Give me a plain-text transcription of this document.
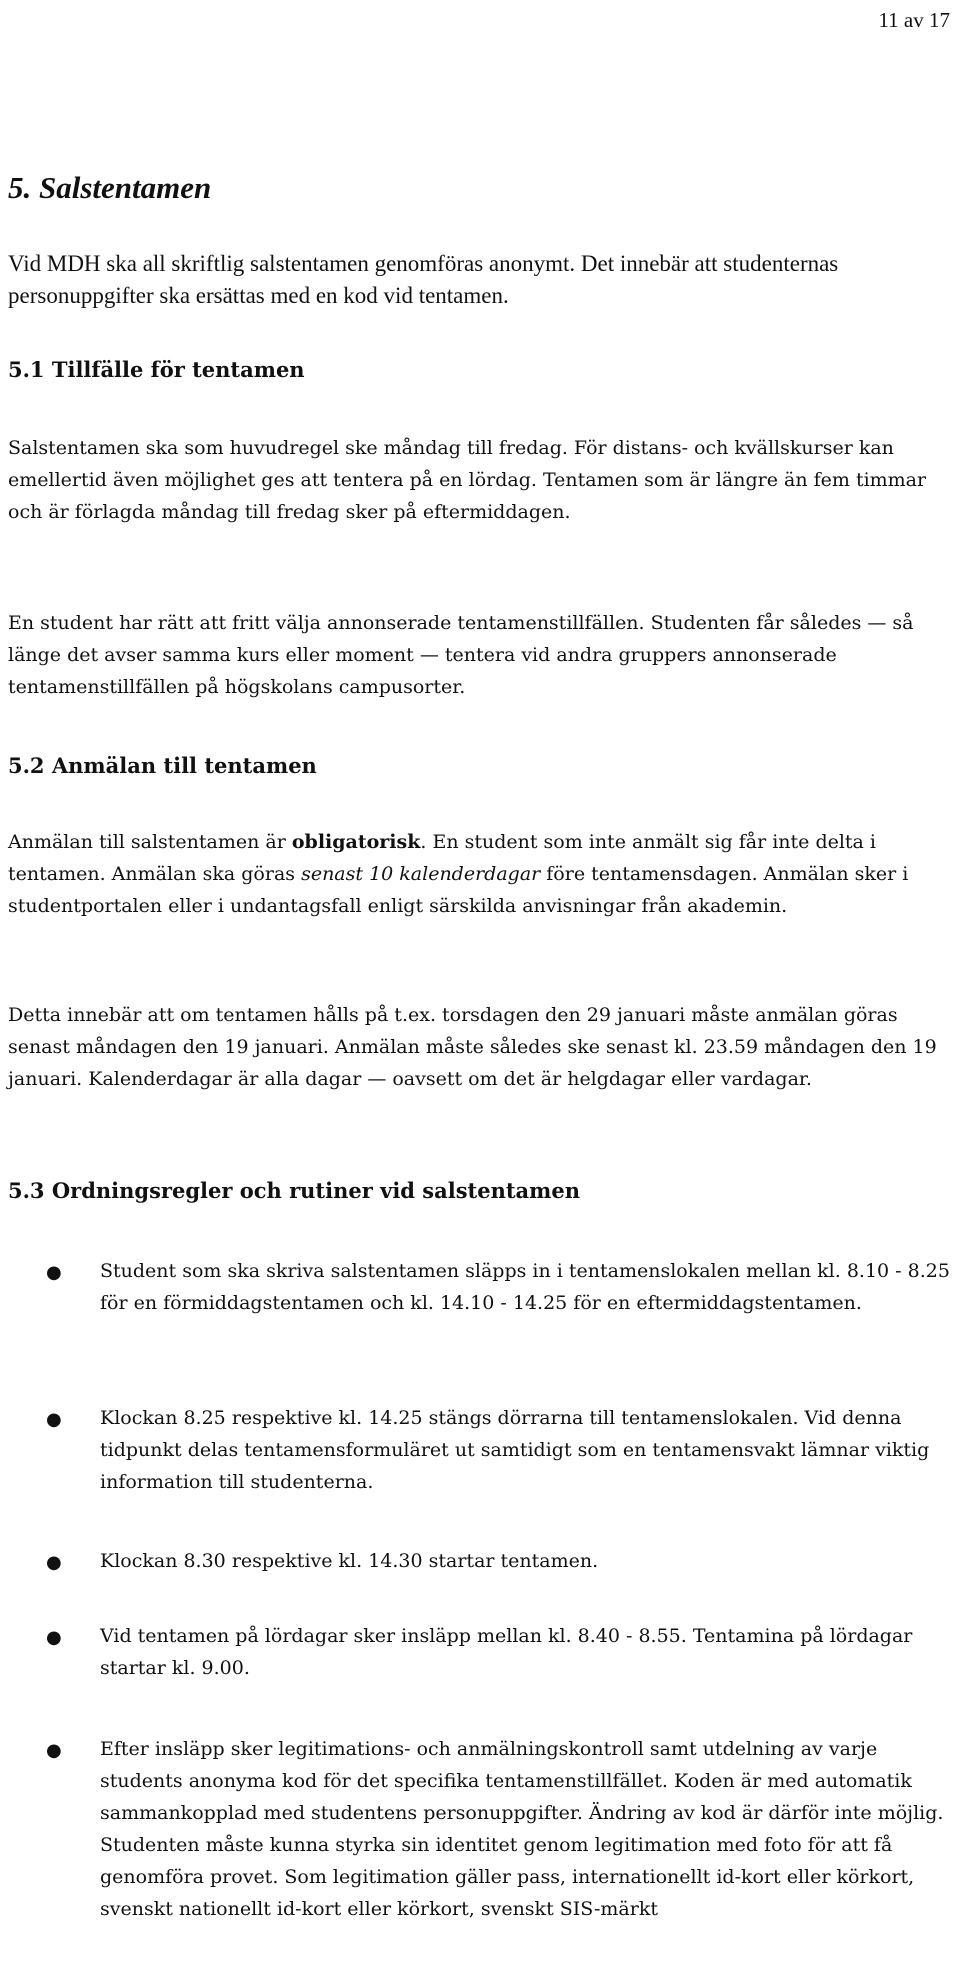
11 av 17
5. Salstentamen

Vid MDH ska all skriftlig salstentamen genomföras anonymt. Det innebär att studenternas personuppgifter ska ersättas med en kod vid tentamen.

5.1 Tillfälle för tentamen

Salstentamen ska som huvudregel ske måndag till fredag. För distans- och kvällskurser kan emellertid även möjlighet ges att tentera på en lördag. Tentamen som är längre än fem timmar och är förlagda måndag till fredag sker på eftermiddagen.

En student har rätt att fritt välja annonserade tentamenstillfällen. Studenten får således — så länge det avser samma kurs eller moment — tentera vid andra gruppers annonserade tentamenstillfällen på högskolans campusorter.

5.2 Anmälan till tentamen

Anmälan till salstentamen är obligatorisk. En student som inte anmält sig får inte delta i tentamen. Anmälan ska göras senast 10 kalenderdagar före tentamensdagen. Anmälan sker i studentportalen eller i undantagsfall enligt särskilda anvisningar från akademin.

Detta innebär att om tentamen hålls på t.ex. torsdagen den 29 januari måste anmälan göras senast måndagen den 19 januari. Anmälan måste således ske senast kl. 23.59 måndagen den 19 januari. Kalenderdagar är alla dagar — oavsett om det är helgdagar eller vardagar.

5.3 Ordningsregler och rutiner vid salstentamen
● Student som ska skriva salstentamen släpps in i tentamenslokalen mellan kl. 8.10 - 8.25 för en förmiddagstentamen och kl. 14.10 - 14.25 för en eftermiddagstentamen.
● Klockan 8.25 respektive kl. 14.25 stängs dörrarna till tentamenslokalen. Vid denna tidpunkt delas tentamensformuläret ut samtidigt som en tentamensvakt lämnar viktig information till studenterna.
● Klockan 8.30 respektive kl. 14.30 startar tentamen.
● Vid tentamen på lördagar sker insläpp mellan kl. 8.40 - 8.55. Tentamina på lördagar startar kl. 9.00.
● Efter insläpp sker legitimations- och anmälningskontroll samt utdelning av varje students anonyma kod för det specifika tentamenstillfället. Koden är med automatik sammankopplad med studentens personuppgifter. Ändring av kod är därför inte möjlig. Studenten måste kunna styrka sin identitet genom legitimation med foto för att få genomföra provet. Som legitimation gäller pass, internationellt id-kort eller körkort, svenskt nationellt id-kort eller körkort, svenskt SIS-märkt
